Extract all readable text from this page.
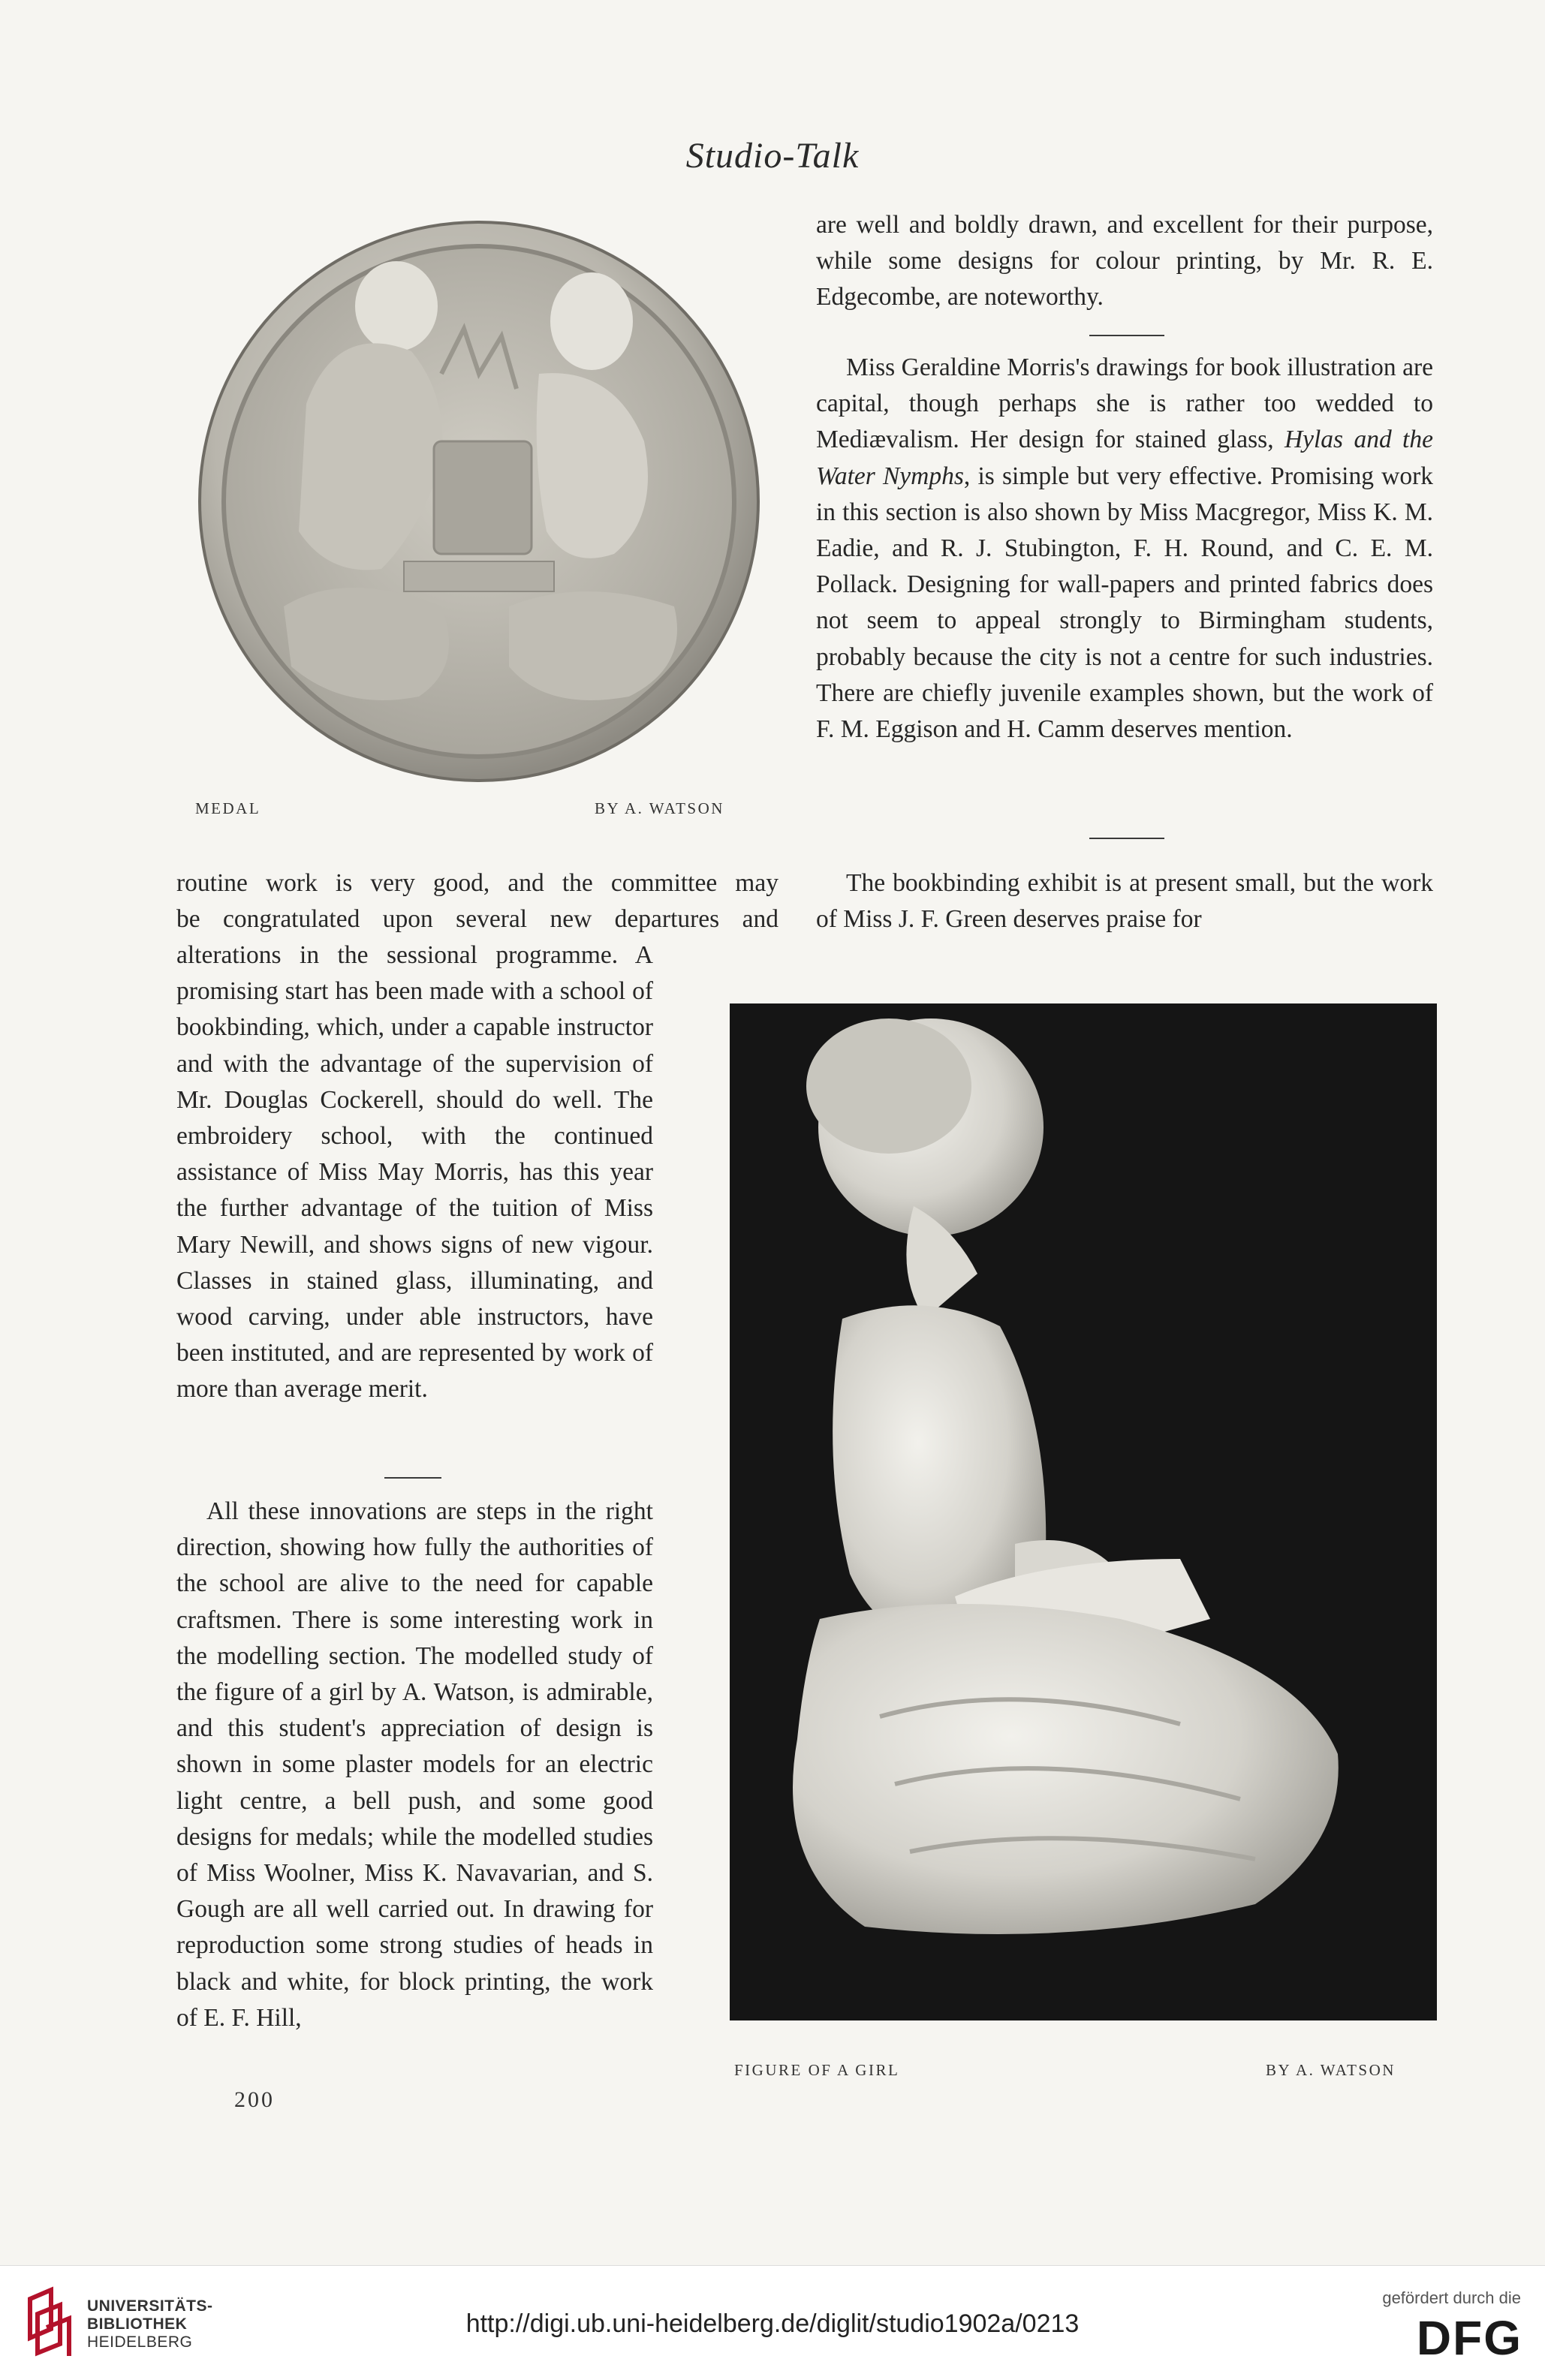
Studio-Talk
MEDAL	BY A. WATSON

are well and boldly drawn, and excellent for their purpose, while some designs for colour printing, by Mr. R. E. Edgecombe, are noteworthy.

Miss Geraldine Morris's drawings for book illustration are capital, though perhaps she is rather too wedded to Mediævalism. Her design for stained glass, Hylas and the Water Nymphs, is simple but very effective. Promising work in this section is also shown by Miss Macgregor, Miss K. M. Eadie, and R. J. Stubington, F. H. Round, and C. E. M. Pollack. Designing for wall-papers and printed fabrics does not seem to appeal strongly to Birmingham students, probably because the city is not a centre for such industries. There are chiefly juvenile examples shown, but the work of F. M. Eggison and H. Camm deserves mention.

The bookbinding exhibit is at present small, but the work of Miss J. F. Green deserves praise for

routine work is very good, and the committee may

be congratulated upon several new departures and

alterations in the sessional programme. A promising start has been made with a school of bookbinding, which, under a capable instructor and with the advantage of the supervision of Mr. Douglas Cockerell, should do well. The embroidery school, with the continued assistance of Miss May Morris, has this year the further advantage of the tuition of Miss Mary Newill, and shows signs of new vigour. Classes in stained glass, illuminating, and wood carving, under able instructors, have been instituted, and are represented by work of more than average merit.

All these innovations are steps in the right direction, showing how fully the authorities of the school are alive to the need for capable craftsmen. There is some interesting work in the modelling section. The modelled study of the figure of a girl by A. Watson, is admirable, and this student's appreciation of design is shown in some plaster models for an electric light centre, a bell push, and some good designs for medals; while the modelled studies of Miss Woolner, Miss K. Navavarian, and S. Gough are all well carried out. In drawing for reproduction some strong studies of heads in black and white, for block printing, the work of E. F. Hill,

FIGURE OF A GIRL	BY A. WATSON
200
UNIVERSITÄTS-
BIBLIOTHEK
HEIDELBERG
http://digi.ub.uni-heidelberg.de/diglit/studio1902a/0213
gefördert durch die
DFG
